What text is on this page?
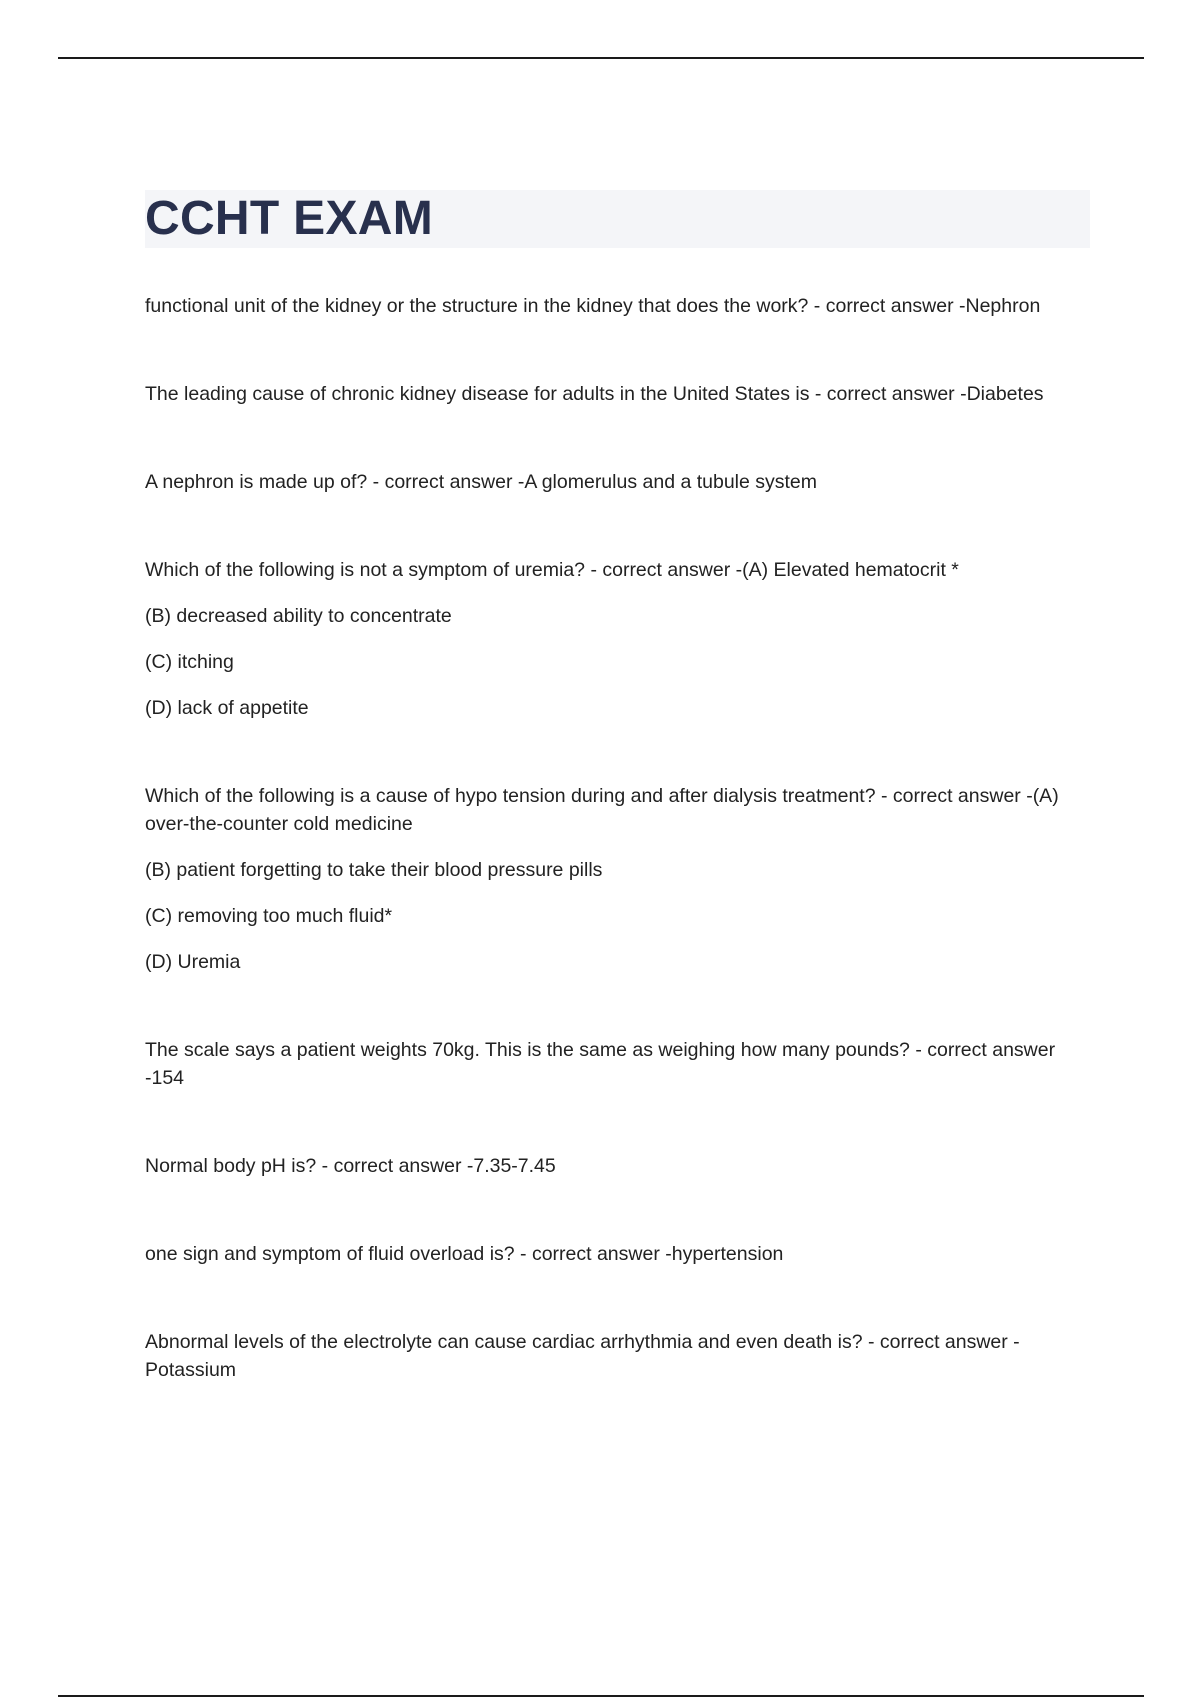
CCHT EXAM

functional unit of the kidney or the structure in the kidney that does the work? - correct answer -Nephron

The leading cause of chronic kidney disease for adults in the United States is - correct answer -Diabetes

A nephron is made up of? - correct answer -A glomerulus and a tubule system

Which of the following is not a symptom of uremia? - correct answer -(A) Elevated hematocrit *

(B) decreased ability to concentrate

(C) itching

(D) lack of appetite

Which of the following is a cause of hypo tension during and after dialysis treatment? - correct answer -(A) over-the-counter cold medicine

(B) patient forgetting to take their blood pressure pills

(C) removing too much fluid*

(D) Uremia

The scale says a patient weights 70kg. This is the same as weighing how many pounds? - correct answer -154

Normal body pH is? - correct answer -7.35-7.45

one sign and symptom of fluid overload is? - correct answer -hypertension

Abnormal levels of the electrolyte can cause cardiac arrhythmia and even death is? - correct answer -Potassium
